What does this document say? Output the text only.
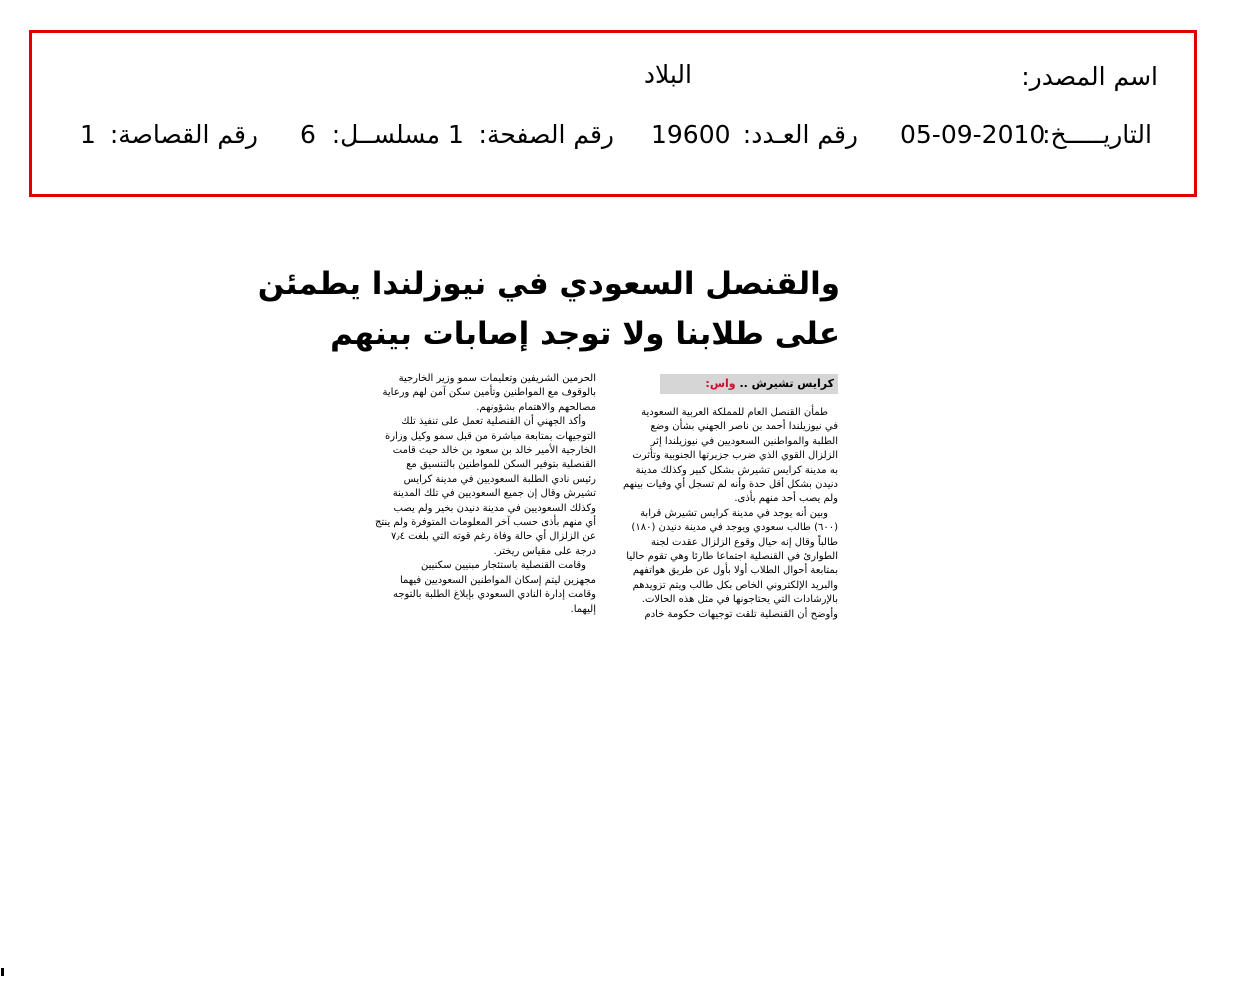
اسم المصدر:
البلاد
التاريـــــخ:
05-09-2010
رقم العـدد:
19600
رقم الصفحة:
1
مسلســل:
6
رقم القصاصة:
1
والقنصل السعودي في نيوزلندا يطمئن
على طلابنا ولا توجد إصابات بينهم
كرايس تشيرش .. واس:

طمأن القنصل العام للمملكة العربية السعودية

في نيوزيلندا أحمد بن ناصر الجهني بشأن وضع

الطلبة والمواطنين السعوديين في نيوزيلندا إثر

الزلزال القوي الذي ضرب جزيرتها الجنوبية وتأثرت

به مدينة كرايس تشيرش بشكل كبير وكذلك مدينة

دنيدن بشكل أقل حدة وأنه لم تسجل أي وفيات بينهم

ولم يصب أحد منهم بأذى.

وبين أنه يوجد في مدينة كرايس تشيرش قرابة

(٦٠٠) طالب سعودي ويوجد في مدينة دنيدن (١٨٠)

طالباً وقال إنه حيال وقوع الزلزال عقدت لجنة

الطوارئ في القنصلية اجتماعا طارئا وهي تقوم حاليا

بمتابعة أحوال الطلاب أولا بأول عن طريق هواتفهم

والبريد الإلكتروني الخاص بكل طالب ويتم تزويدهم

بالإرشادات التي يحتاجونها في مثل هذه الحالات.

وأوضح أن القنصلية تلقت توجيهات حكومة خادم

الحرمين الشريفين وتعليمات سمو وزير الخارجية

بالوقوف مع المواطنين وتأمين سكن آمن لهم ورعاية

مصالحهم والاهتمام بشؤونهم.

وأكد الجهني أن القنصلية تعمل على تنفيذ تلك

التوجيهات بمتابعة مباشرة من قبل سمو وكيل وزارة

الخارجية الأمير خالد بن سعود بن خالد حيث قامت

القنصلية بتوفير السكن للمواطنين بالتنسيق مع

رئيس نادي الطلبة السعوديين في مدينة كرايس

تشيرش وقال إن جميع السعوديين في تلك المدينة

وكذلك السعوديين في مدينة دنيدن بخير ولم يصب

أي منهم بأذى حسب آخر المعلومات المتوفرة ولم ينتج

عن الزلزال أي حالة وفاة رغم قوته التي بلغت ٧٫٤

درجة على مقياس ريختر.

وقامت القنصلية باستئجار مبنيين سكنيين

مجهزين ليتم إسكان المواطنين السعوديين فيهما

وقامت إدارة النادي السعودي بإبلاغ الطلبة بالتوجه

إليهما.
